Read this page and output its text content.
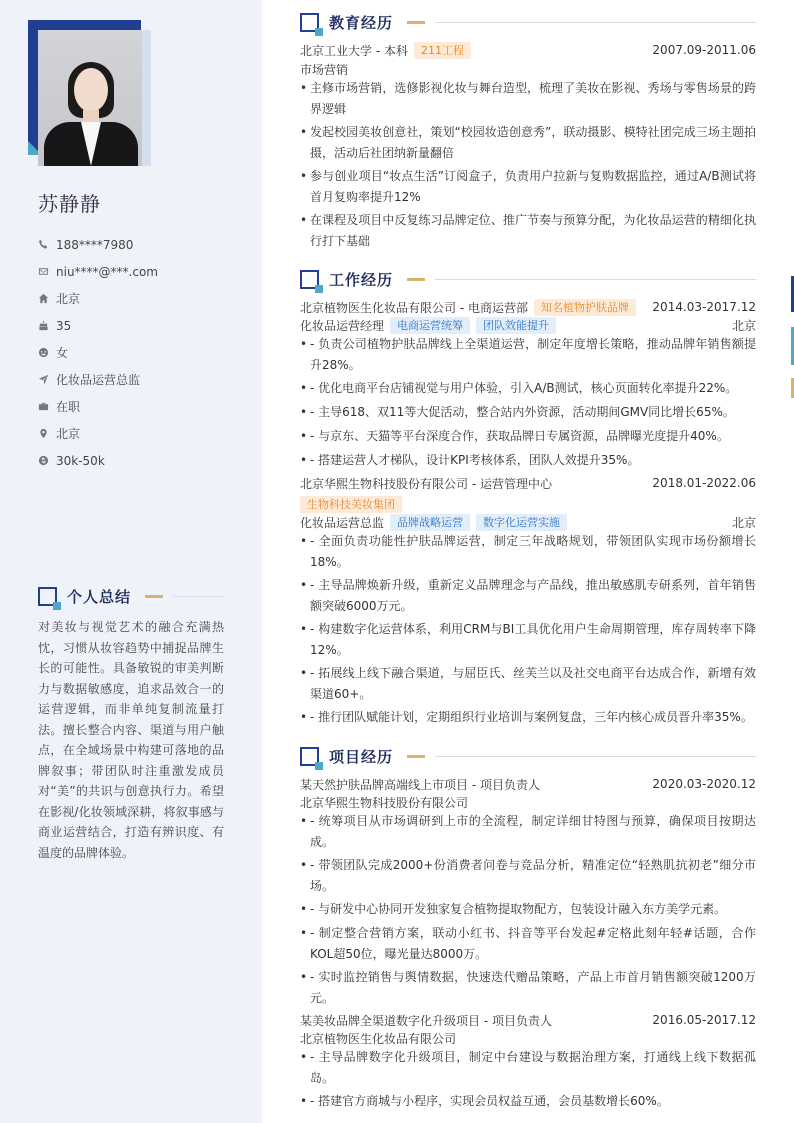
苏静静
188****7980
niu****@***.com
北京
35
女
化妆品运营总监
在职
北京
30k-50k
个人总结
对美妆与视觉艺术的融合充满热忱，习惯从妆容趋势中捕捉品牌生长的可能性。具备敏锐的审美判断力与数据敏感度，追求品效合一的运营逻辑，而非单纯复制流量打法。擅长整合内容、渠道与用户触点，在全域场景中构建可落地的品牌叙事；带团队时注重激发成员对“美”的共识与创意执行力。希望在影视/化妆领域深耕，将叙事感与商业运营结合，打造有辨识度、有温度的品牌体验。
教育经历
北京工业大学 - 本科	211工程	2007.09-2011.06
市场营销
• 主修市场营销，选修影视化妆与舞台造型，梳理了美妆在影视、秀场与零售场景的跨界逻辑
• 发起校园美妆创意社，策划“校园妆造创意秀”，联动摄影、模特社团完成三场主题拍摄，活动后社团纳新量翻倍
• 参与创业项目“妆点生活”订阅盒子，负责用户拉新与复购数据监控，通过A/B测试将首月复购率提升12%
• 在课程及项目中反复练习品牌定位、推广节奏与预算分配，为化妆品运营的精细化执行打下基础
工作经历
北京植物医生化妆品有限公司 - 电商运营部	知名植物护肤品牌	2014.03-2017.12
化妆品运营经理	电商运营统筹	团队效能提升	北京
• - 负责公司植物护肤品牌线上全渠道运营，制定年度增长策略，推动品牌年销售额提升28%。
• - 优化电商平台店铺视觉与用户体验，引入A/B测试，核心页面转化率提升22%。
• - 主导618、双11等大促活动，整合站内外资源，活动期间GMV同比增长65%。
• - 与京东、天猫等平台深度合作，获取品牌日专属资源，品牌曝光度提升40%。
• - 搭建运营人才梯队，设计KPI考核体系，团队人效提升35%。
北京华熙生物科技股份有限公司 - 运营管理中心	2018.01-2022.06
生物科技美妆集团
化妆品运营总监	品牌战略运营	数字化运营实施	北京
• - 全面负责功能性护肤品牌运营，制定三年战略规划，带领团队实现市场份额增长18%。
• - 主导品牌焕新升级，重新定义品牌理念与产品线，推出敏感肌专研系列，首年销售额突破6000万元。
• - 构建数字化运营体系，利用CRM与BI工具优化用户生命周期管理，库存周转率下降12%。
• - 拓展线上线下融合渠道，与屈臣氏、丝芙兰以及社交电商平台达成合作，新增有效渠道60+。
• - 推行团队赋能计划，定期组织行业培训与案例复盘，三年内核心成员晋升率35%。
项目经历
某天然护肤品牌高端线上市项目 - 项目负责人	2020.03-2020.12
北京华熙生物科技股份有限公司
• - 统筹项目从市场调研到上市的全流程，制定详细甘特图与预算，确保项目按期达成。
• - 带领团队完成2000+份消费者问卷与竞品分析，精准定位“轻熟肌抗初老”细分市场。
• - 与研发中心协同开发独家复合植物提取物配方，包装设计融入东方美学元素。
• - 制定整合营销方案，联动小红书、抖音等平台发起#定格此刻年轻#话题，合作KOL超50位，曝光量达8000万。
• - 实时监控销售与舆情数据，快速迭代赠品策略，产品上市首月销售额突破1200万元。
某美妆品牌全渠道数字化升级项目 - 项目负责人	2016.05-2017.12
北京植物医生化妆品有限公司
• - 主导品牌数字化升级项目，制定中台建设与数据治理方案，打通线上线下数据孤岛。
• - 搭建官方商城与小程序，实现会员权益互通，会员基数增长60%。
